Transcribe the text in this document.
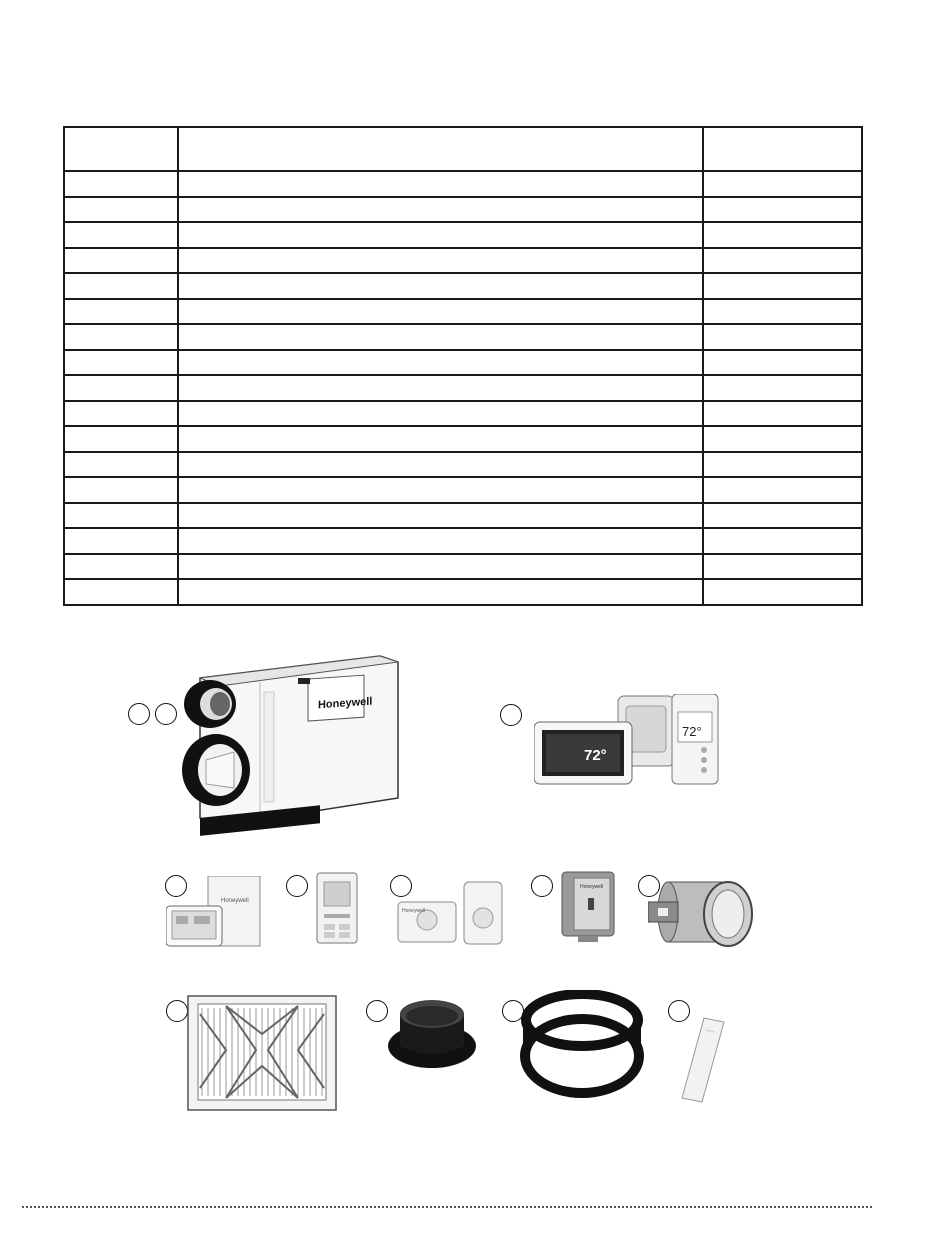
Honeywell
72°
72°
Honeywell
Honeywell
Honeywell
